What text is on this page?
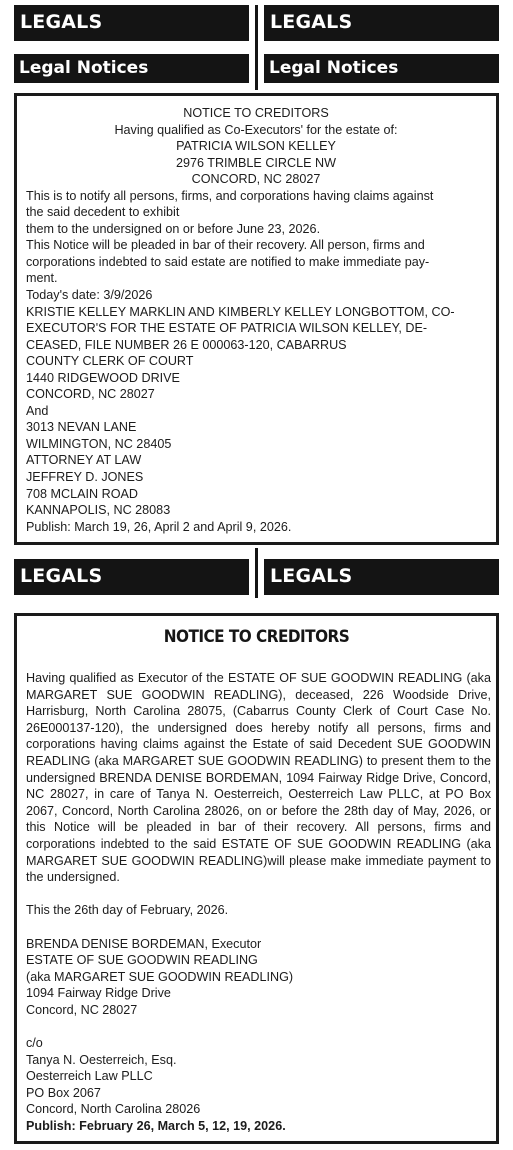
LEGALS	LEGALS
Legal Notices	Legal Notices
NOTICE TO CREDITORS
Having qualified as Co-Executors' for the estate of:
PATRICIA WILSON KELLEY
2976 TRIMBLE CIRCLE NW
CONCORD, NC 28027
This is to notify all persons, firms, and corporations having claims against
the said decedent to exhibit
them to the undersigned on or before June 23, 2026.
This Notice will be pleaded in bar of their recovery. All person, firms and
corporations indebted to said estate are notified to make immediate pay-
ment.
Today's date: 3/9/2026
KRISTIE KELLEY MARKLIN AND KIMBERLY KELLEY LONGBOTTOM, CO-
EXECUTOR'S FOR THE ESTATE OF PATRICIA WILSON KELLEY, DE-
CEASED, FILE NUMBER 26 E 000063-120, CABARRUS
COUNTY CLERK OF COURT
1440 RIDGEWOOD DRIVE
CONCORD, NC 28027
And
3013 NEVAN LANE
WILMINGTON, NC 28405
ATTORNEY AT LAW
JEFFREY D. JONES
708 MCLAIN ROAD
KANNAPOLIS, NC 28083
Publish: March 19, 26, April 2 and April 9, 2026.
LEGALS	LEGALS
NOTICE TO CREDITORS
Having qualified as Executor of the ESTATE OF SUE GOODWIN READLING (aka MARGARET SUE GOODWIN READLING), deceased, 226 Woodside Drive, Harrisburg, North Carolina 28075, (Cabarrus County Clerk of Court Case No. 26E000137-120), the undersigned does hereby notify all persons, firms and corporations having claims against the Estate of said Decedent SUE GOODWIN READLING (aka MARGARET SUE GOODWIN READLING) to present them to the undersigned BRENDA DENISE BORDEMAN, 1094 Fairway Ridge Drive, Concord, NC 28027, in care of Tanya N. Oesterreich, Oesterreich Law PLLC, at PO Box 2067, Concord, North Carolina 28026, on or before the 28th day of May, 2026, or this Notice will be pleaded in bar of their recovery. All persons, firms and corporations indebted to the said ESTATE OF SUE GOODWIN READLING (aka MARGARET SUE GOODWIN READLING)will please make immediate payment to the undersigned.
This the 26th day of February, 2026.
BRENDA DENISE BORDEMAN, Executor
ESTATE OF SUE GOODWIN READLING
(aka MARGARET SUE GOODWIN READLING)
1094 Fairway Ridge Drive
Concord, NC 28027
c/o
Tanya N. Oesterreich, Esq.
Oesterreich Law PLLC
PO Box 2067
Concord, North Carolina 28026
Publish: February 26, March 5, 12, 19, 2026.
